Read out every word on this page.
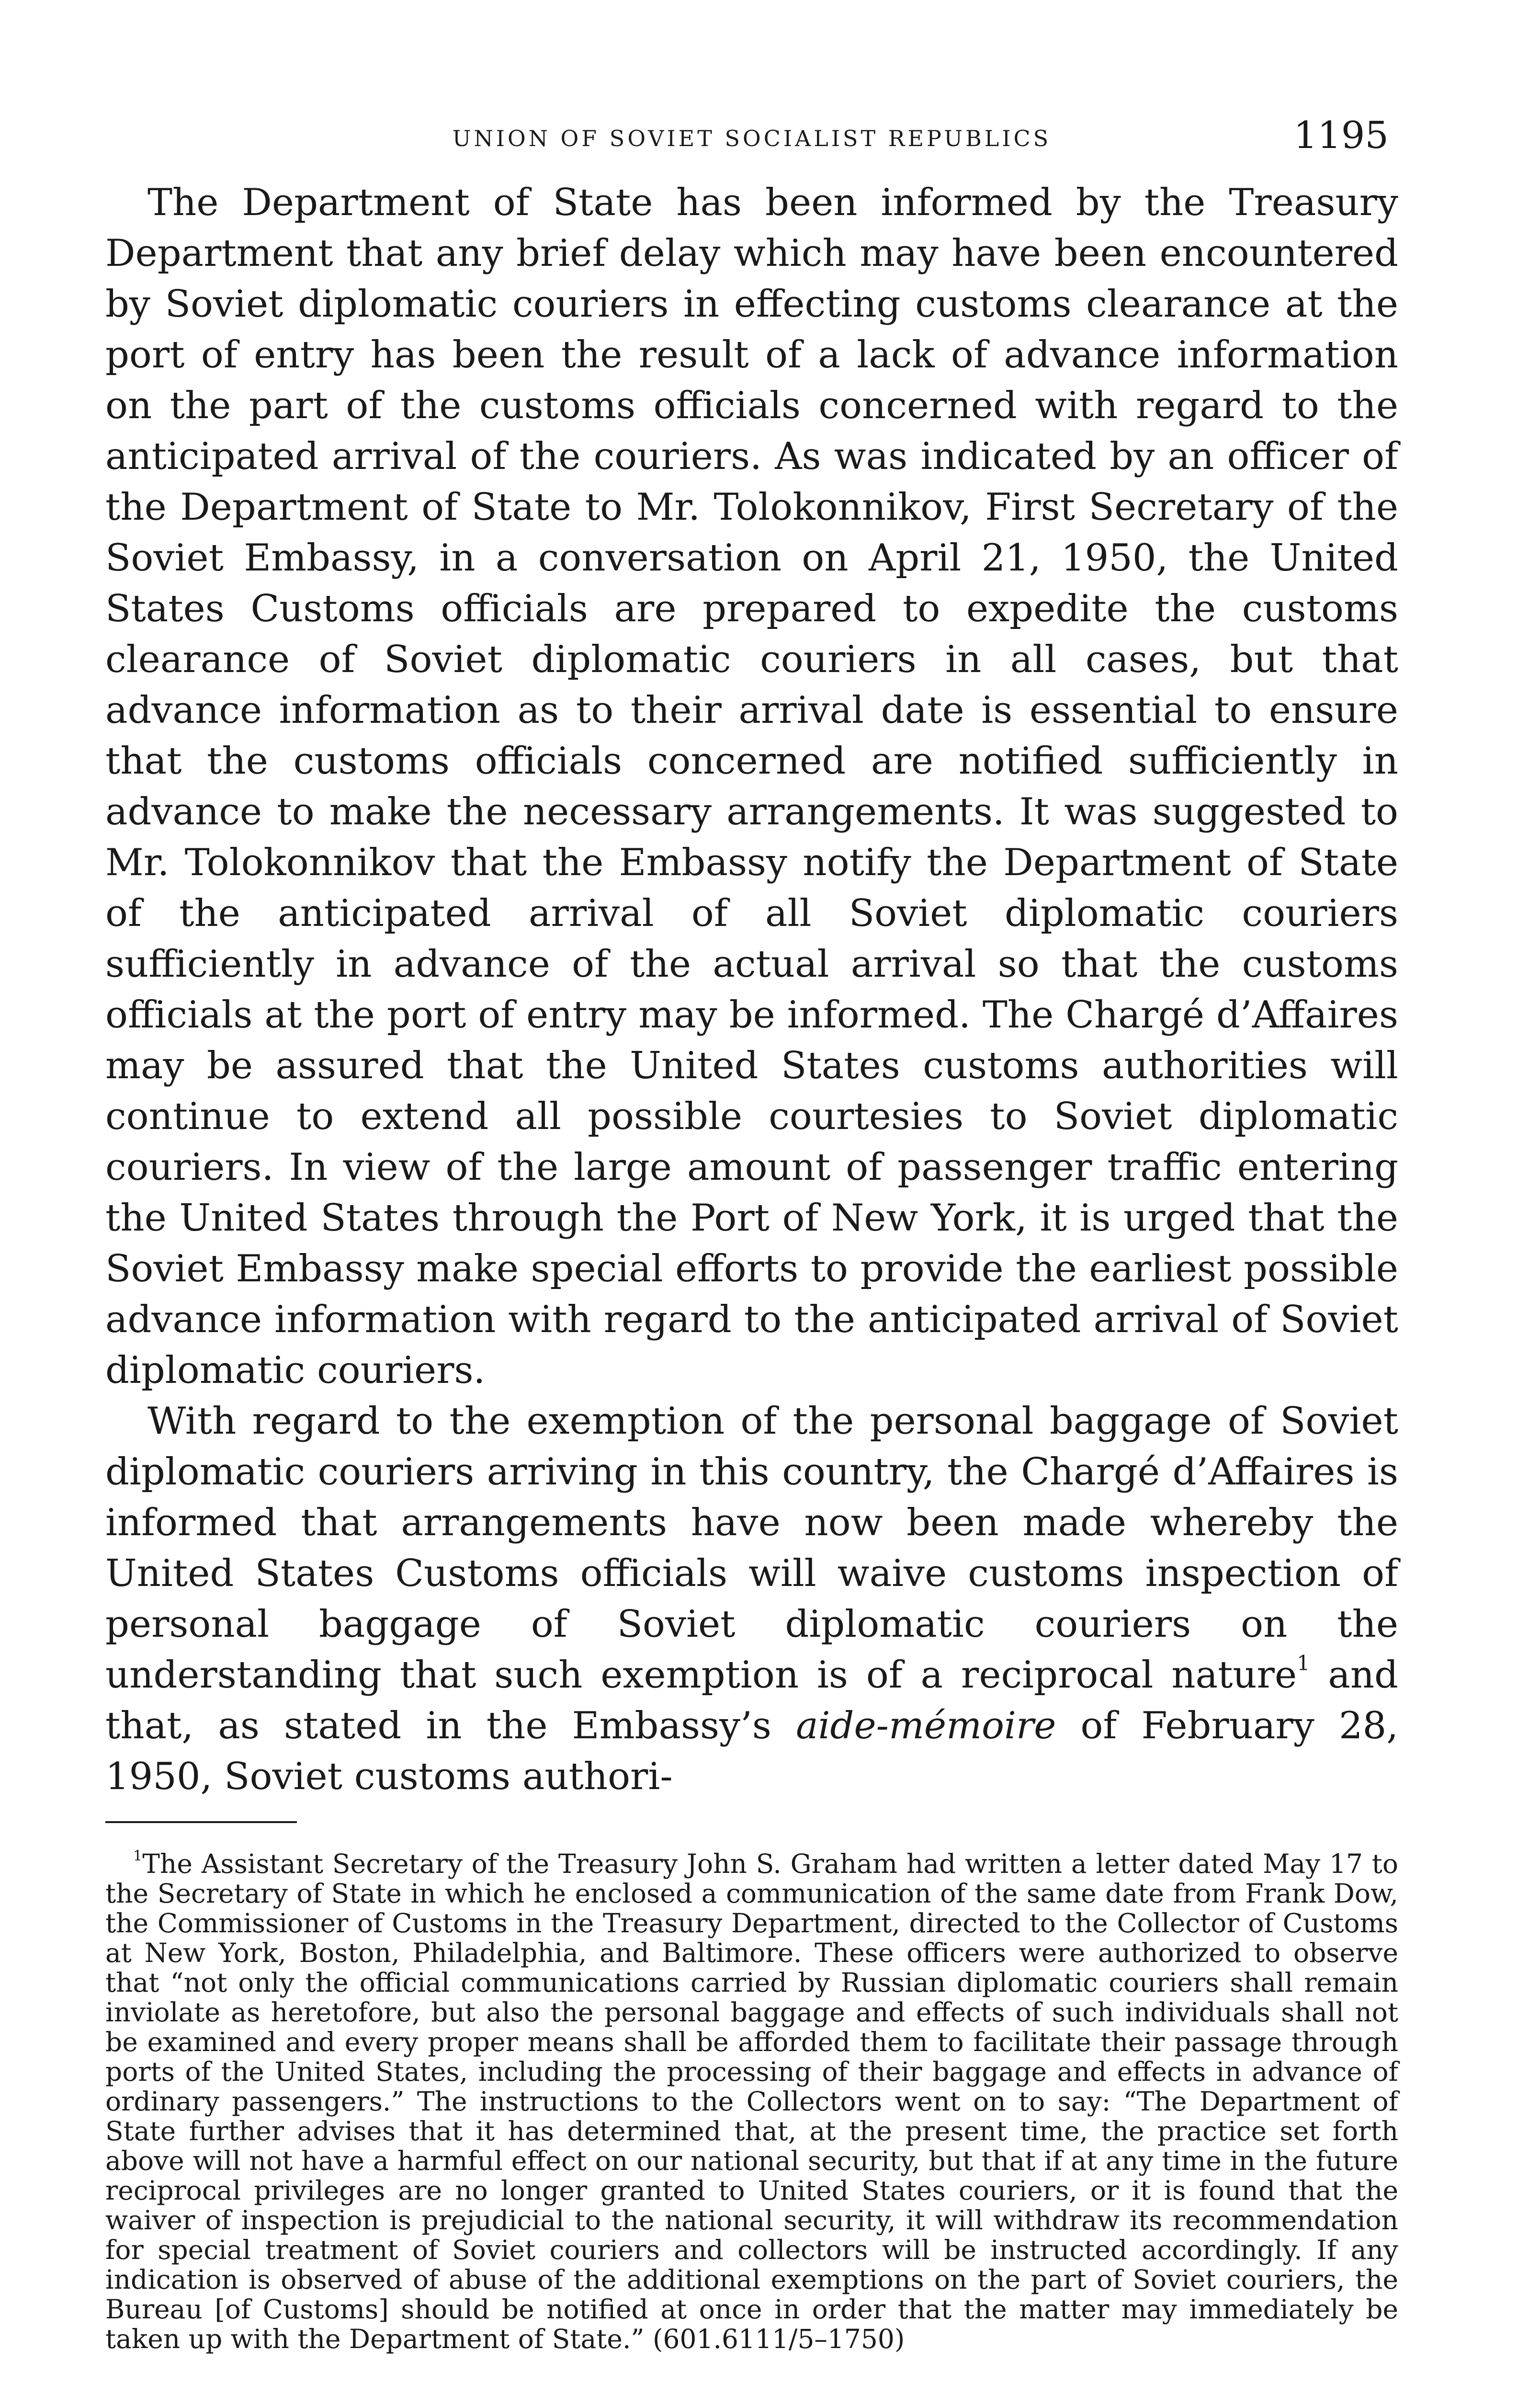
UNION OF SOVIET SOCIALIST REPUBLICS	1195

The Department of State has been informed by the Treasury Department that any brief delay which may have been encountered by Soviet diplomatic couriers in effecting customs clearance at the port of entry has been the result of a lack of advance information on the part of the customs officials concerned with regard to the anticipated arrival of the couriers. As was indicated by an officer of the Department of State to Mr. Tolokonnikov, First Secretary of the Soviet Embassy, in a conversation on April 21, 1950, the United States Customs officials are prepared to expedite the customs clearance of Soviet diplomatic couriers in all cases, but that advance information as to their arrival date is essential to ensure that the customs officials concerned are notified sufficiently in advance to make the necessary arrangements. It was suggested to Mr. Tolokonnikov that the Embassy notify the Department of State of the anticipated arrival of all Soviet diplomatic couriers sufficiently in advance of the actual arrival so that the customs officials at the port of entry may be informed. The Chargé d’Affaires may be assured that the United States customs authorities will continue to extend all possible courtesies to Soviet diplomatic couriers. In view of the large amount of passenger traffic entering the United States through the Port of New York, it is urged that the Soviet Embassy make special efforts to provide the earliest possible advance information with regard to the anticipated arrival of Soviet diplomatic couriers.

With regard to the exemption of the personal baggage of Soviet diplomatic couriers arriving in this country, the Chargé d’Affaires is informed that arrangements have now been made whereby the United States Customs officials will waive customs inspection of personal baggage of Soviet diplomatic couriers on the understanding that such exemption is of a reciprocal nature$^1$ and that, as stated in the Embassy’s aide-mémoire of February 28, 1950, Soviet customs authori-

$^1$The Assistant Secretary of the Treasury John S. Graham had written a letter dated May 17 to the Secretary of State in which he enclosed a communication of the same date from Frank Dow, the Commissioner of Customs in the Treasury Department, directed to the Collector of Customs at New York, Boston, Philadelphia, and Baltimore. These officers were authorized to observe that “not only the official communications carried by Russian diplomatic couriers shall remain inviolate as heretofore, but also the personal baggage and effects of such individuals shall not be examined and every proper means shall be afforded them to facilitate their passage through ports of the United States, including the processing of their baggage and effects in advance of ordinary passengers.” The instructions to the Collectors went on to say: “The Department of State further advises that it has determined that, at the present time, the practice set forth above will not have a harmful effect on our national security, but that if at any time in the future reciprocal privileges are no longer granted to United States couriers, or it is found that the waiver of inspection is prejudicial to the national security, it will withdraw its recommendation for special treatment of Soviet couriers and collectors will be instructed accordingly. If any indication is observed of abuse of the additional exemptions on the part of Soviet couriers, the Bureau [of Customs] should be notified at once in order that the matter may immediately be taken up with the Department of State.” (601.6111/5–1750)
